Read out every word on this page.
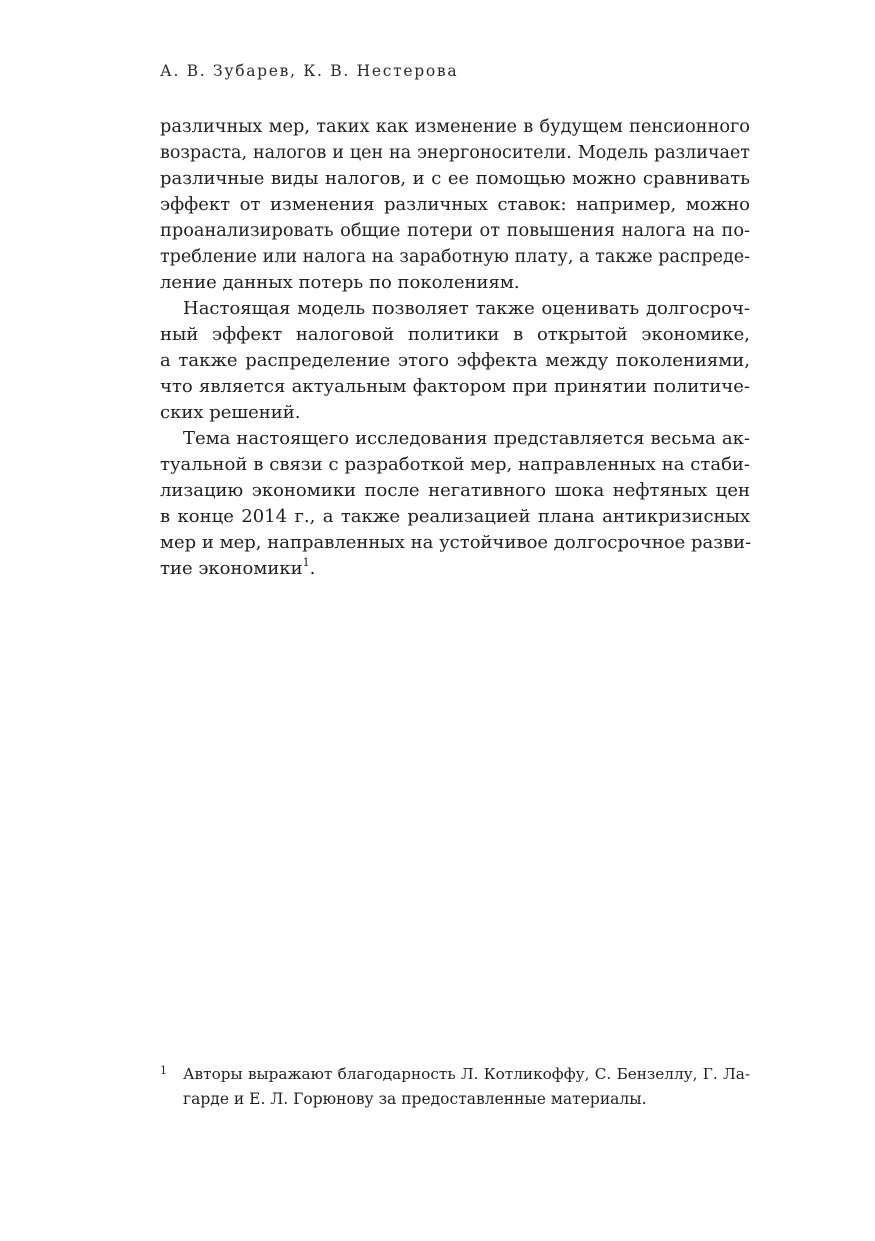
А. В. Зубарев, К. В. Нестерова
различных мер, таких как изменение в будущем пенсионного
возраста, налогов и цен на энергоносители. Модель различает
различные виды налогов, и с ее помощью можно сравнивать
эффект от изменения различных ставок: например, можно
проанализировать общие потери от повышения налога на по-
требление или налога на заработную плату, а также распреде-
ление данных потерь по поколениям.
Настоящая модель позволяет также оценивать долгосроч-
ный эффект налоговой политики в открытой экономике,
а также распределение этого эффекта между поколениями,
что является актуальным фактором при принятии политиче-
ских решений.
Тема настоящего исследования представляется весьма ак-
туальной в связи с разработкой мер, направленных на стаби-
лизацию экономики после негативного шока нефтяных цен
в конце 2014 г., а также реализацией плана антикризисных
мер и мер, направленных на устойчивое долгосрочное разви-
тие экономики$^1$.
1 Авторы выражают благодарность Л. Котликоффу, С. Бензеллу, Г. Ла-
гарде и Е. Л. Горюнову за предоставленные материалы.
